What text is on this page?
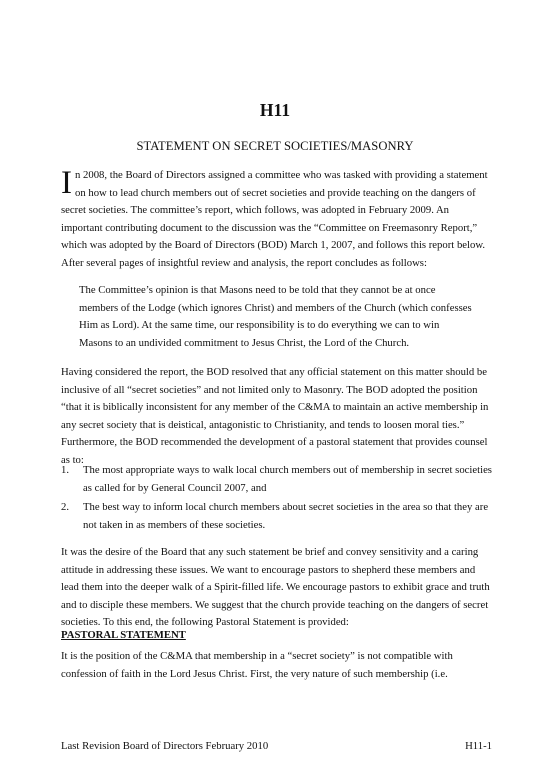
H11
STATEMENT ON SECRET SOCIETIES/MASONRY
In 2008, the Board of Directors assigned a committee who was tasked with providing a statement on how to lead church members out of secret societies and provide teaching on the dangers of secret societies. The committee’s report, which follows, was adopted in February 2009. An important contributing document to the discussion was the “Committee on Freemasonry Report,” which was adopted by the Board of Directors (BOD) March 1, 2007, and follows this report below. After several pages of insightful review and analysis, the report concludes as follows:
The Committee’s opinion is that Masons need to be told that they cannot be at once members of the Lodge (which ignores Christ) and members of the Church (which confesses Him as Lord). At the same time, our responsibility is to do everything we can to win Masons to an undivided commitment to Jesus Christ, the Lord of the Church.
Having considered the report, the BOD resolved that any official statement on this matter should be inclusive of all “secret societies” and not limited only to Masonry. The BOD adopted the position “that it is biblically inconsistent for any member of the C&MA to maintain an active membership in any secret society that is deistical, antagonistic to Christianity, and tends to loosen moral ties.” Furthermore, the BOD recommended the development of a pastoral statement that provides counsel as to:
1. The most appropriate ways to walk local church members out of membership in secret societies as called for by General Council 2007, and
2. The best way to inform local church members about secret societies in the area so that they are not taken in as members of these societies.
It was the desire of the Board that any such statement be brief and convey sensitivity and a caring attitude in addressing these issues. We want to encourage pastors to shepherd these members and lead them into the deeper walk of a Spirit-filled life. We encourage pastors to exhibit grace and truth and to disciple these members. We suggest that the church provide teaching on the dangers of secret societies. To this end, the following Pastoral Statement is provided:
PASTORAL STATEMENT
It is the position of the C&MA that membership in a “secret society” is not compatible with confession of faith in the Lord Jesus Christ. First, the very nature of such membership (i.e.
Last Revision Board of Directors February 2010	H11-1
